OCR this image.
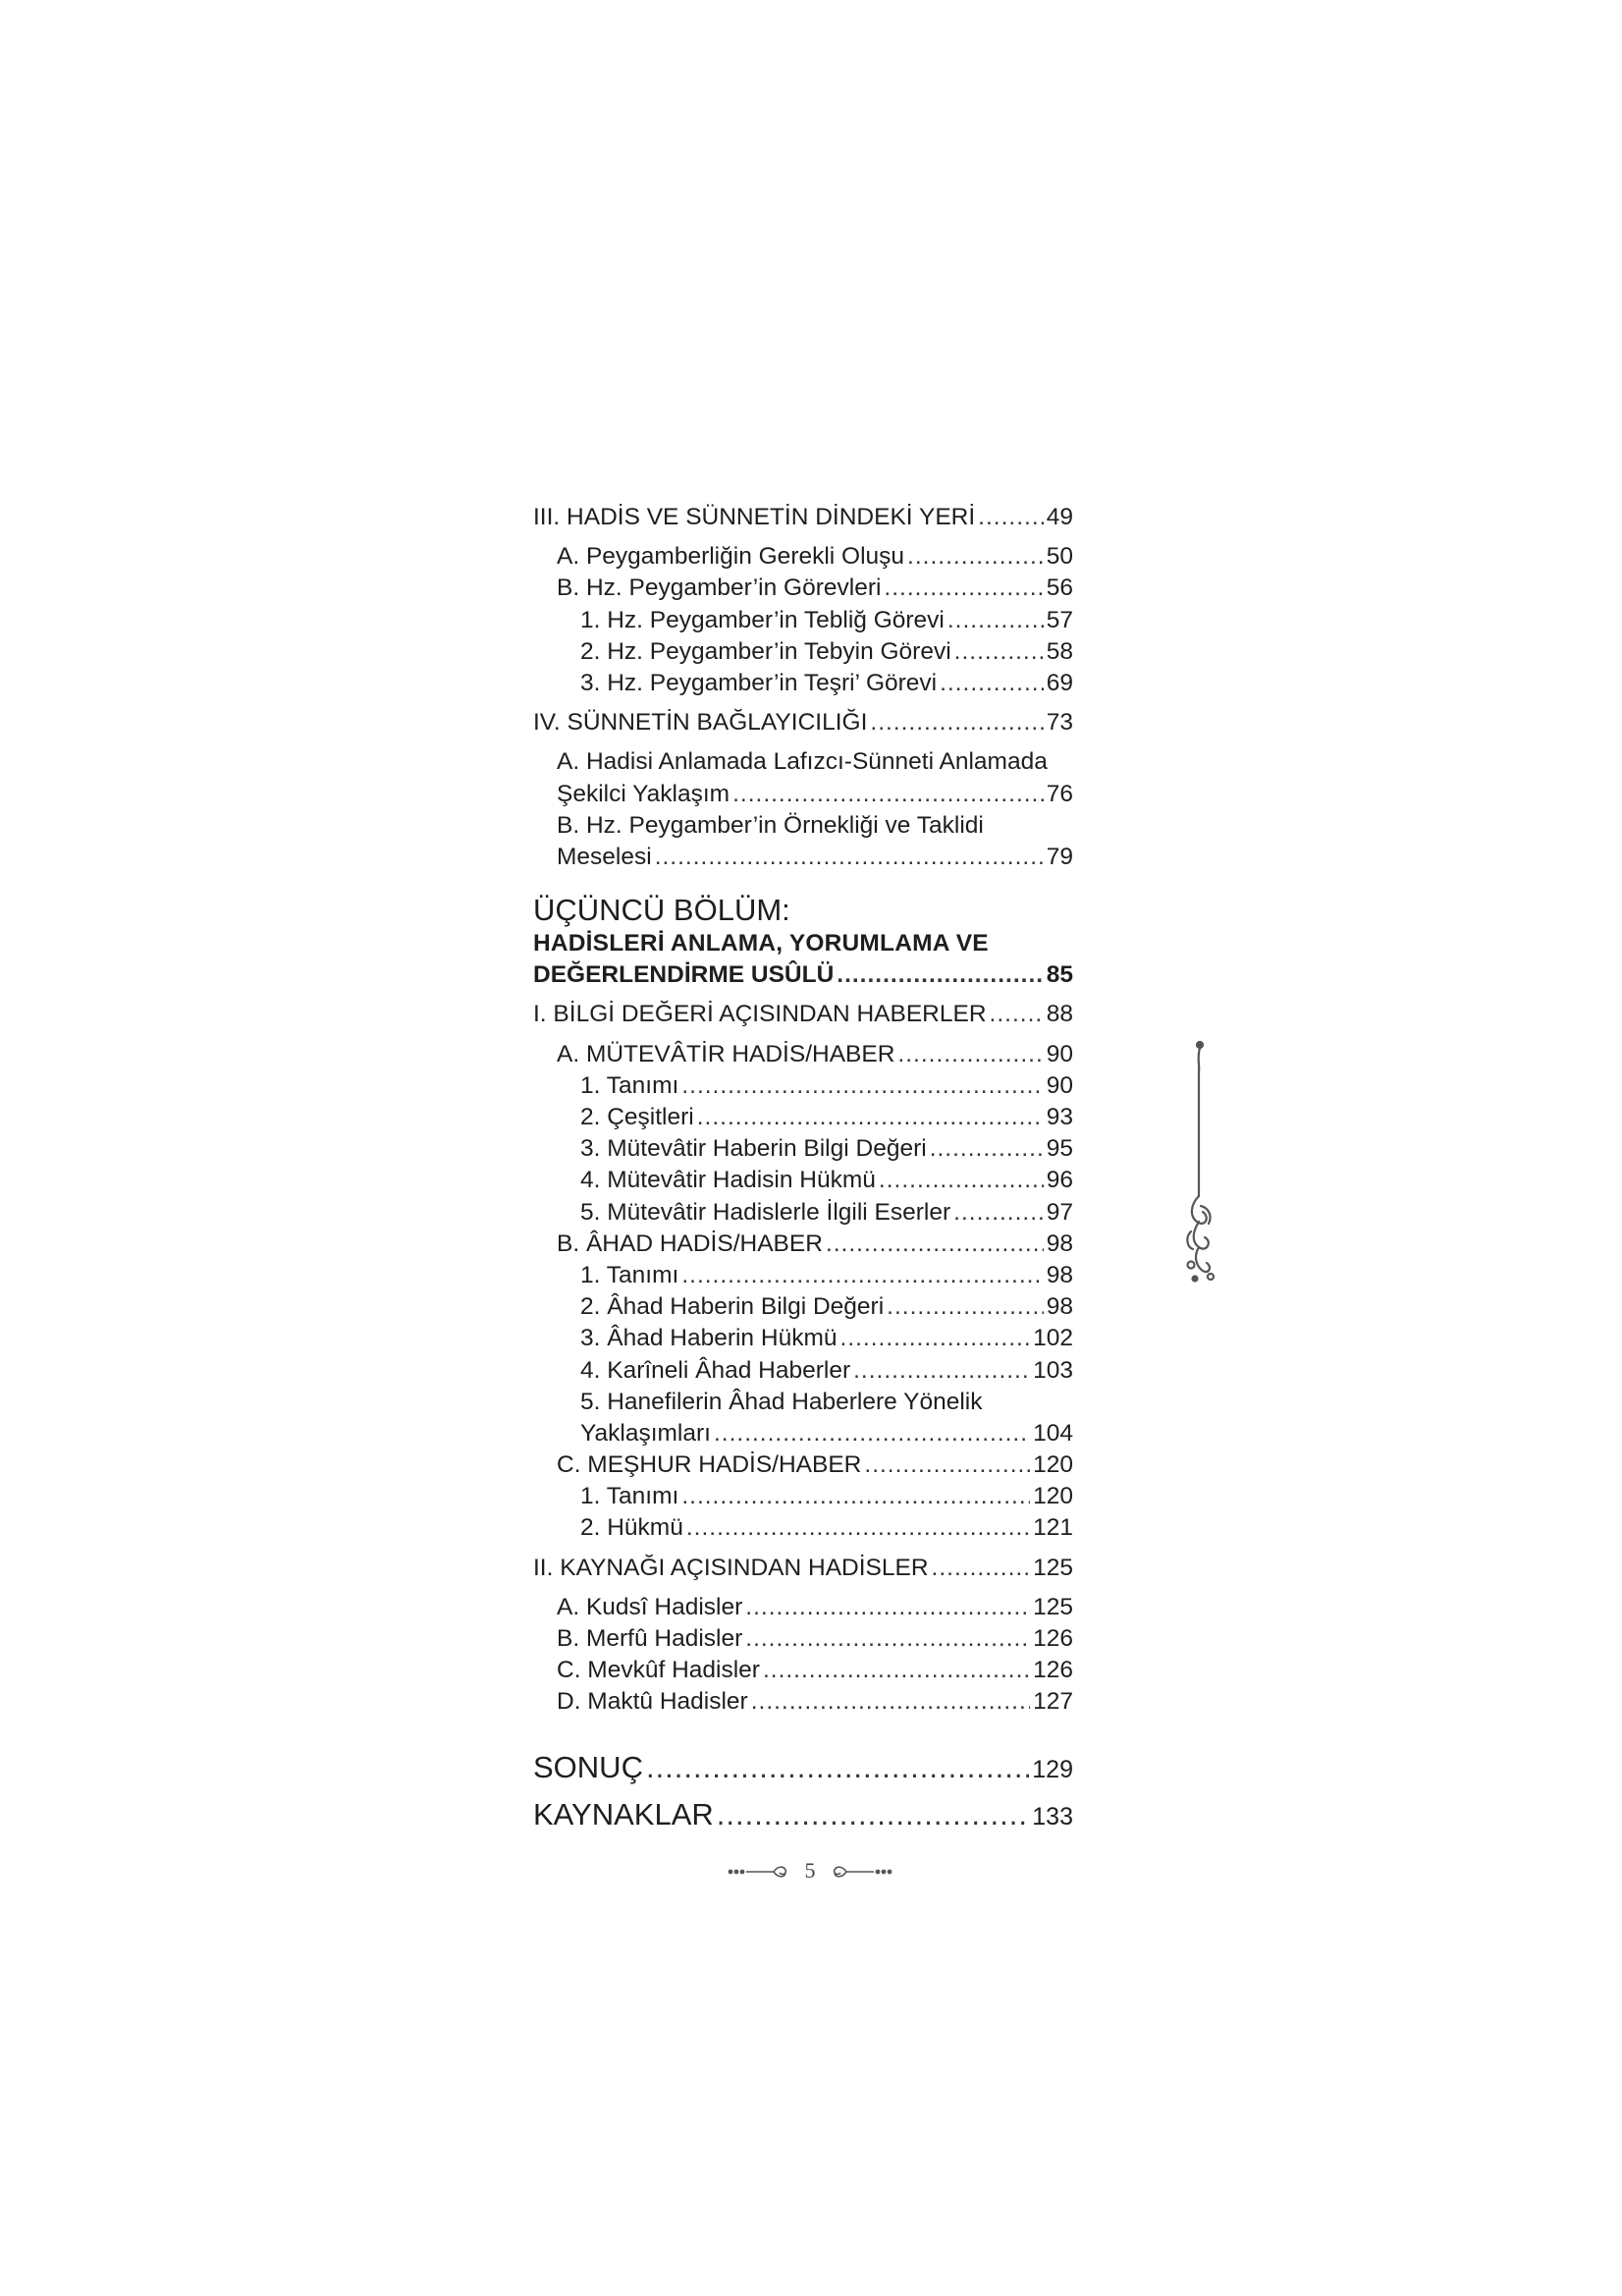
III. HADİS VE SÜNNETİN DİNDEKİ YERİ .....	49
A. Peygamberliğin Gerekli Oluşu .....	50
B. Hz. Peygamber’in Görevleri .....	56
1. Hz. Peygamber’in Tebliğ Görevi .....	57
2. Hz. Peygamber’in Tebyin Görevi .....	58
3. Hz. Peygamber’in Teşri’ Görevi .....	69
IV. SÜNNETİN BAĞLAYICILIĞI .....	73
A. Hadisi Anlamada Lafızcı-Sünneti Anlamada
Şekilci Yaklaşım .....	76
B. Hz. Peygamber’in Örnekliği ve Taklidi
Meselesi .....	79
ÜÇÜNCÜ BÖLÜM:
HADİSLERİ ANLAMA, YORUMLAMA VE
DEĞERLENDİRME USÛLÜ .....	85
I. BİLGİ DEĞERİ AÇISINDAN HABERLER ..... 88
A. MÜTEVÂTİR HADİS/HABER .....	90
1. Tanımı .....	90
2. Çeşitleri .....	93
3. Mütevâtir Haberin Bilgi Değeri .....	95
4. Mütevâtir Hadisin Hükmü .....	96
5. Mütevâtir Hadislerle İlgili Eserler .....	97
B. ÂHAD HADİS/HABER .....	98
1. Tanımı .....	98
2. Âhad Haberin Bilgi Değeri .....	98
3. Âhad Haberin Hükmü .....	102
4. Karîneli Âhad Haberler .....	103
5. Hanefilerin Âhad Haberlere Yönelik
Yaklaşımları .....	104
C. MEŞHUR HADİS/HABER .....	120
1. Tanımı .....	120
2. Hükmü .....	121
II. KAYNAĞI AÇISINDAN HADİSLER .....	125
A. Kudsî Hadisler .....	125
B. Merfû Hadisler .....	126
C. Mevkûf Hadisler .....	126
D. Maktû Hadisler .....	127
SONUÇ .....	129
KAYNAKLAR .....	133
5
